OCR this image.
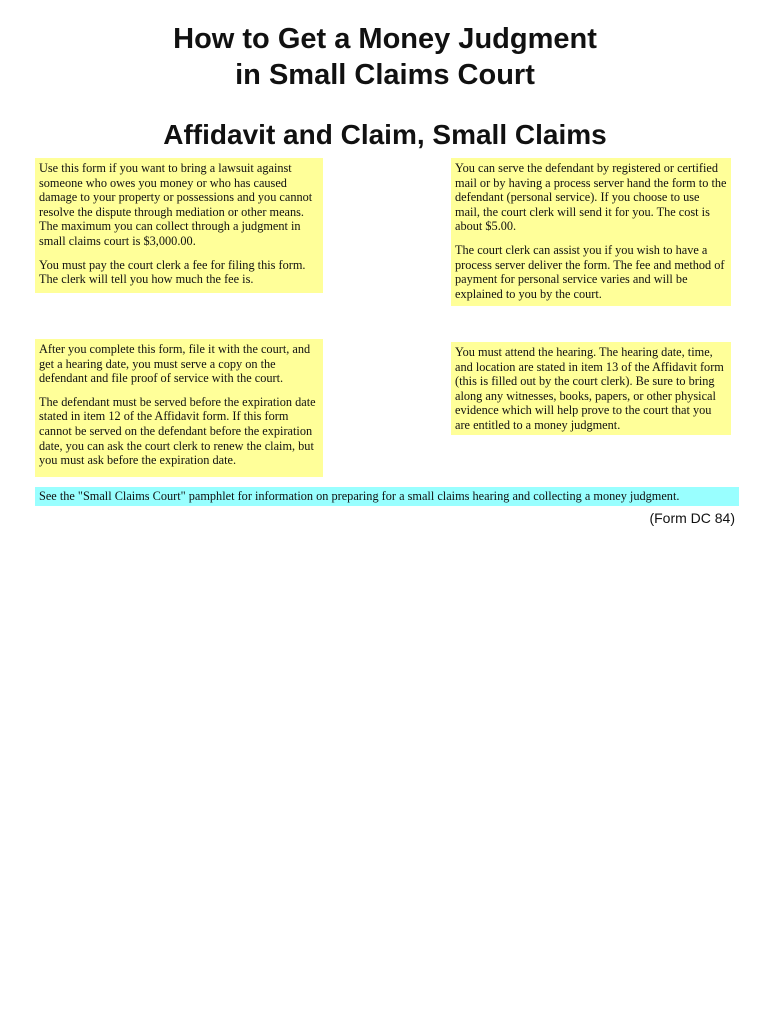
How to Get a Money Judgment
in Small Claims Court
Affidavit and Claim, Small Claims

Use this form if you want to bring a lawsuit against someone who owes you money or who has caused damage to your property or possessions and you cannot resolve the dispute through mediation or other means. The maximum you can collect through a judgment in small claims court is $3,000.00.

You must pay the court clerk a fee for filing this form. The clerk will tell you how much the fee is.

You can serve the defendant by registered or certified mail or by having a process server hand the form to the defendant (personal service). If you choose to use mail, the court clerk will send it for you. The cost is about $5.00.

The court clerk can assist you if you wish to have a process server deliver the form. The fee and method of payment for personal service varies and will be explained to you by the court.

After you complete this form, file it with the court, and get a hearing date, you must serve a copy on the defendant and file proof of service with the court.

The defendant must be served before the expiration date stated in item 12 of the Affidavit form. If this form cannot be served on the defendant before the expiration date, you can ask the court clerk to renew the claim, but you must ask before the expiration date.

You must attend the hearing. The hearing date, time, and location are stated in item 13 of the Affidavit form (this is filled out by the court clerk). Be sure to bring along any witnesses, books, papers, or other physical evidence which will help prove to the court that you are entitled to a money judgment.

See the "Small Claims Court" pamphlet for information on preparing for a small claims hearing and collecting a money judgment.
(Form DC 84)
